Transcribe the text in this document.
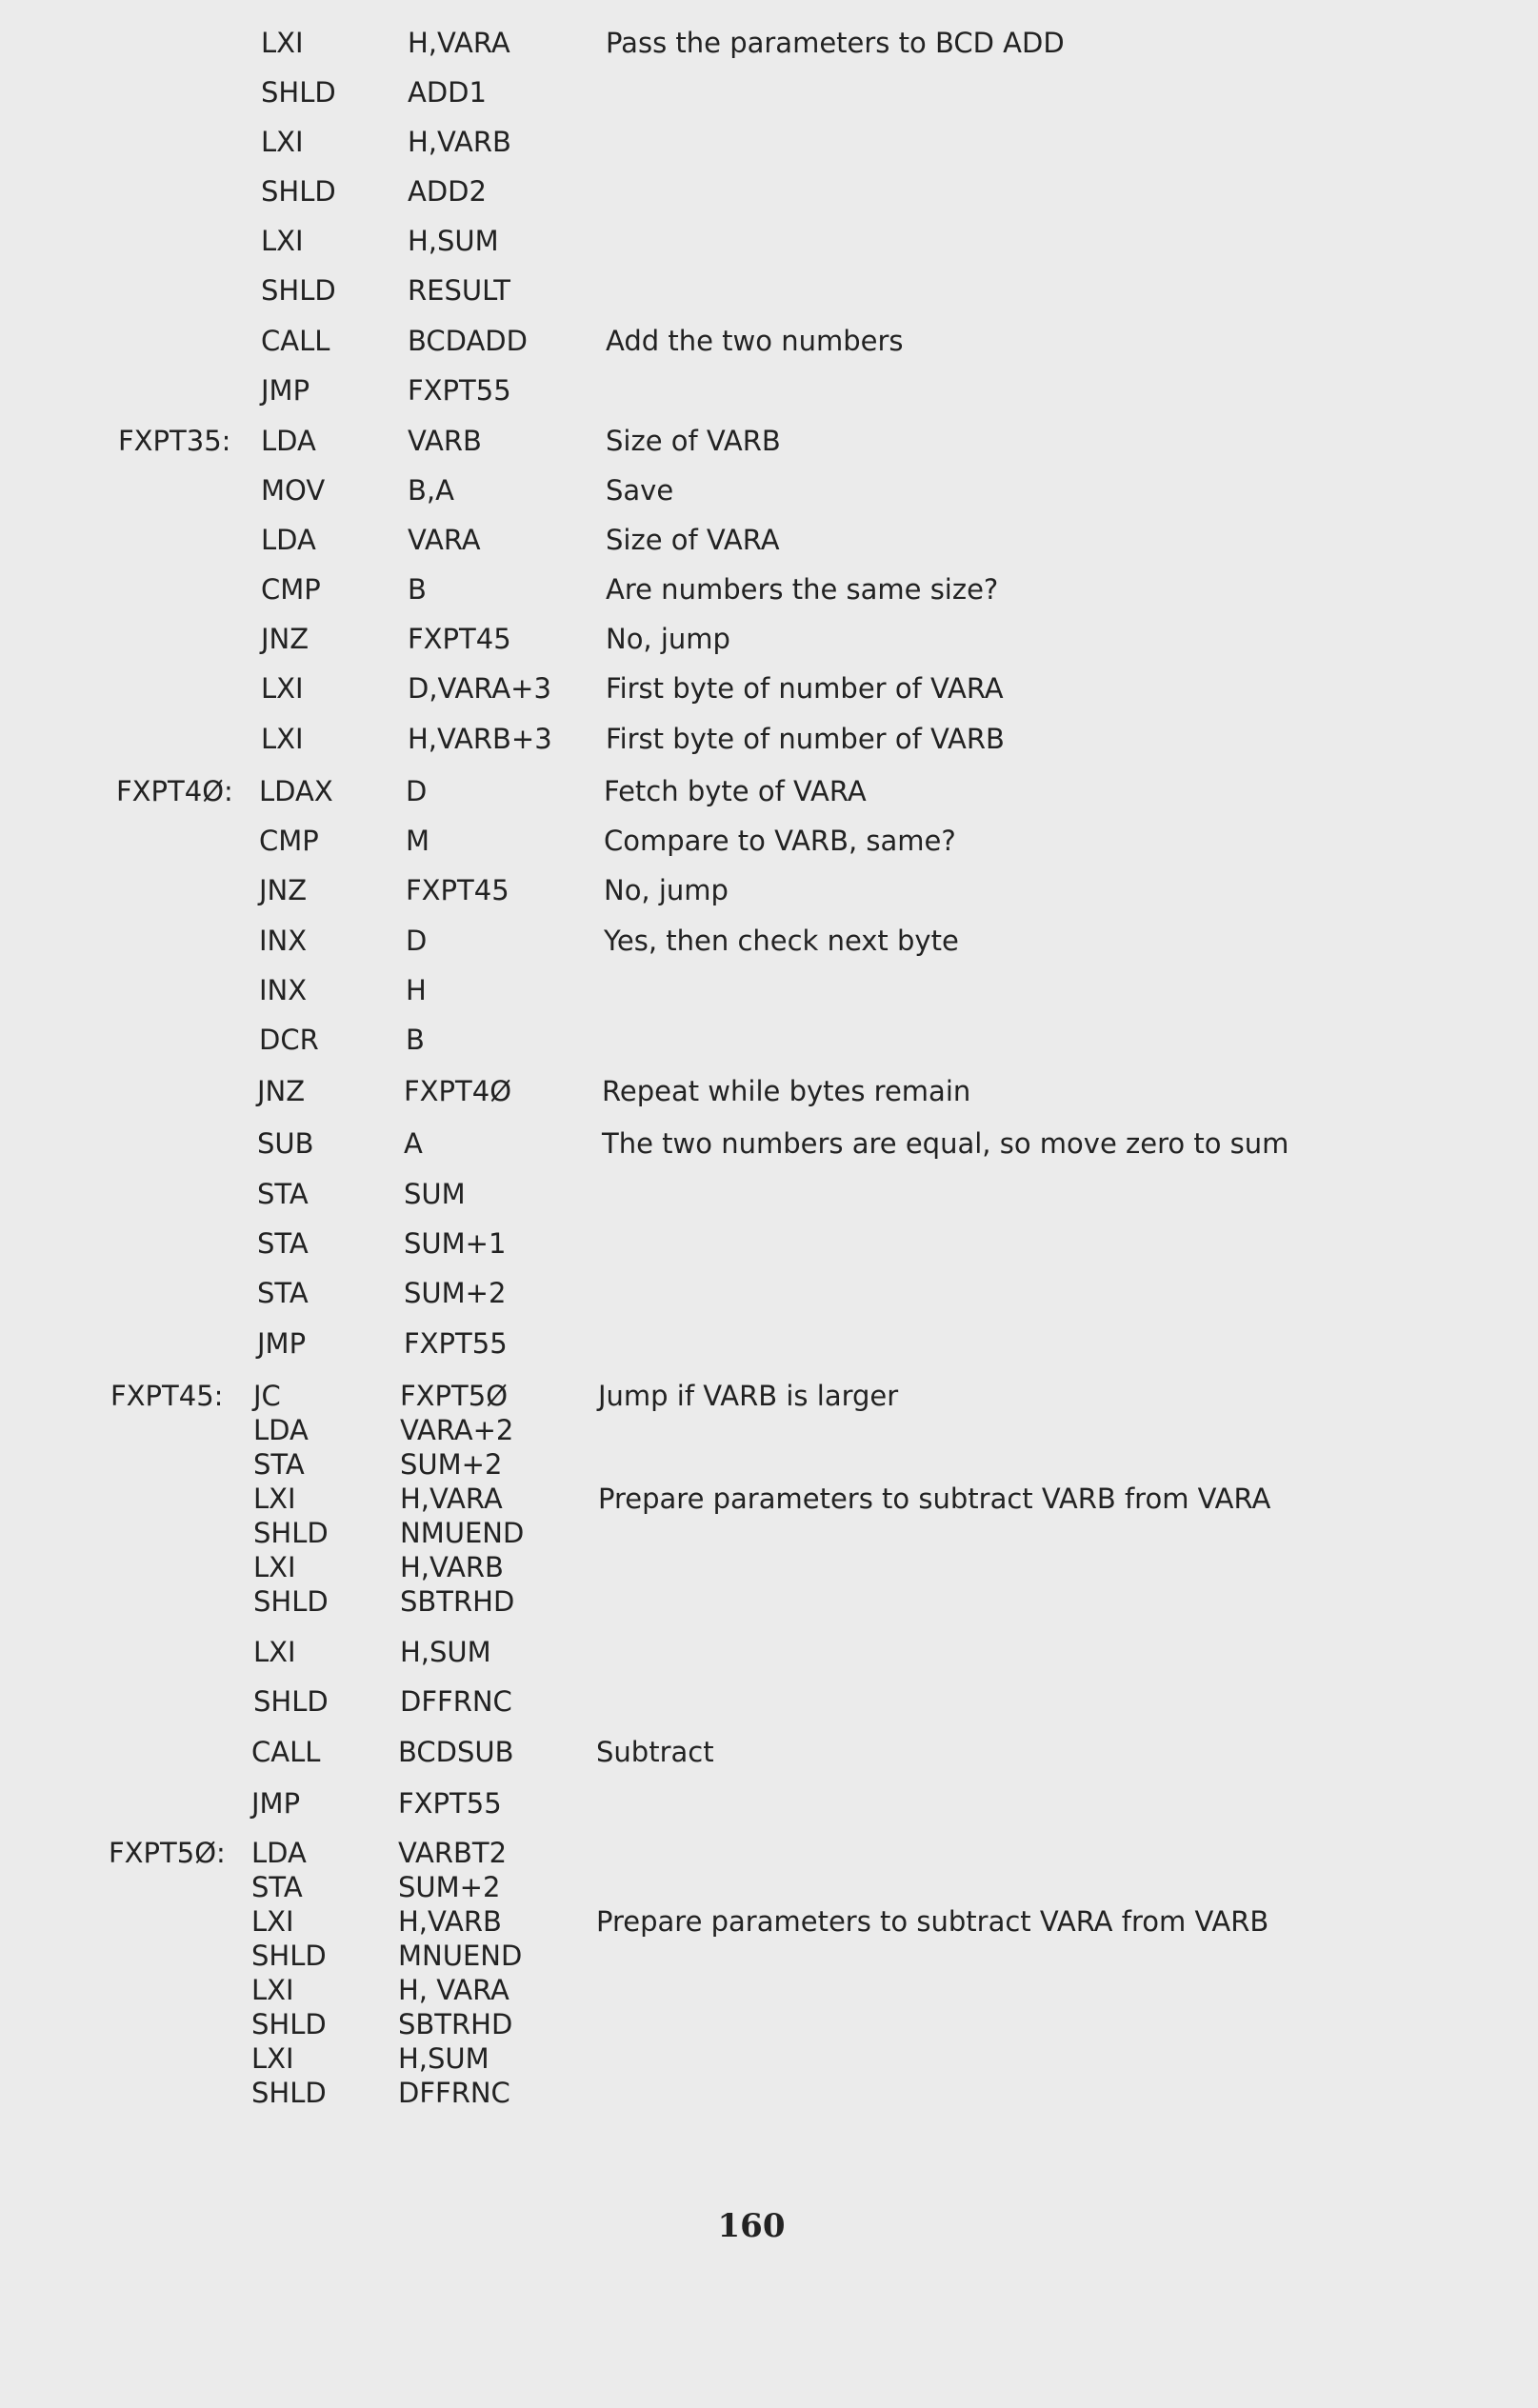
LXI	H,VARA	Pass the parameters to BCD ADD
SHLD	ADD1
LXI	H,VARB
SHLD	ADD2
LXI	H,SUM
SHLD	RESULT
CALL	BCDADD	Add the two numbers
JMP	FXPT55
FXPT35: LDA	VARB	Size of VARB
MOV	B,A	Save
LDA	VARA	Size of VARA
CMP	B	Are numbers the same size?
JNZ	FXPT45	No, jump
LXI	D,VARA+3 First byte of number of VARA
LXI	H,VARB+3 First byte of number of VARB
FXPT4Ø: LDAX	D	Fetch byte of VARA
CMP	M	Compare to VARB, same?
JNZ	FXPT45	No, jump
INX	D	Yes, then check next byte
INX	H
DCR	B
JNZ	FXPT4Ø	Repeat while bytes remain
SUB	A	The two numbers are equal, so move zero to sum
STA	SUM
STA	SUM+1
STA	SUM+2
JMP	FXPT55
FXPT45: JC	FXPT5Ø	Jump if VARB is larger
LDA	VARA+2
STA	SUM+2
LXI	H,VARA	Prepare parameters to subtract VARB from VARA
SHLD	NMUEND
LXI	H,VARB
SHLD	SBTRHD
LXI	H,SUM
SHLD	DFFRNC
CALL	BCDSUB	Subtract
JMP	FXPT55
FXPT5Ø: LDA	VARBT2
STA	SUM+2
LXI	H,VARB	Prepare parameters to subtract VARA from VARB
SHLD	MNUEND
LXI	H, VARA
SHLD	SBTRHD
LXI	H,SUM
SHLD	DFFRNC
160
